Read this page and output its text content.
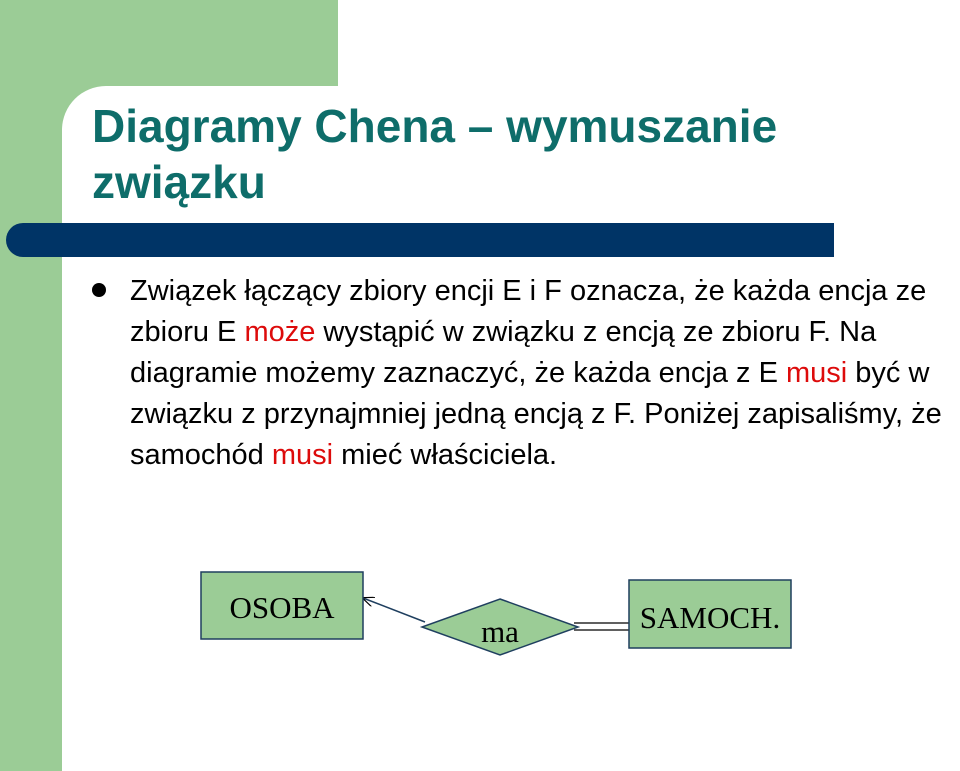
Diagramy Chena – wymuszanie
związku

Związek łączący zbiory encji E i F oznacza, że każda encja ze zbioru E może wystąpić w związku z encją ze zbioru F. Na diagramie możemy zaznaczyć, że każda encja z E musi być w związku z przynajmniej jedną encją z F. Poniżej zapisaliśmy, że samochód musi mieć właściciela.

OSOBA
ma	SAMOCH.
